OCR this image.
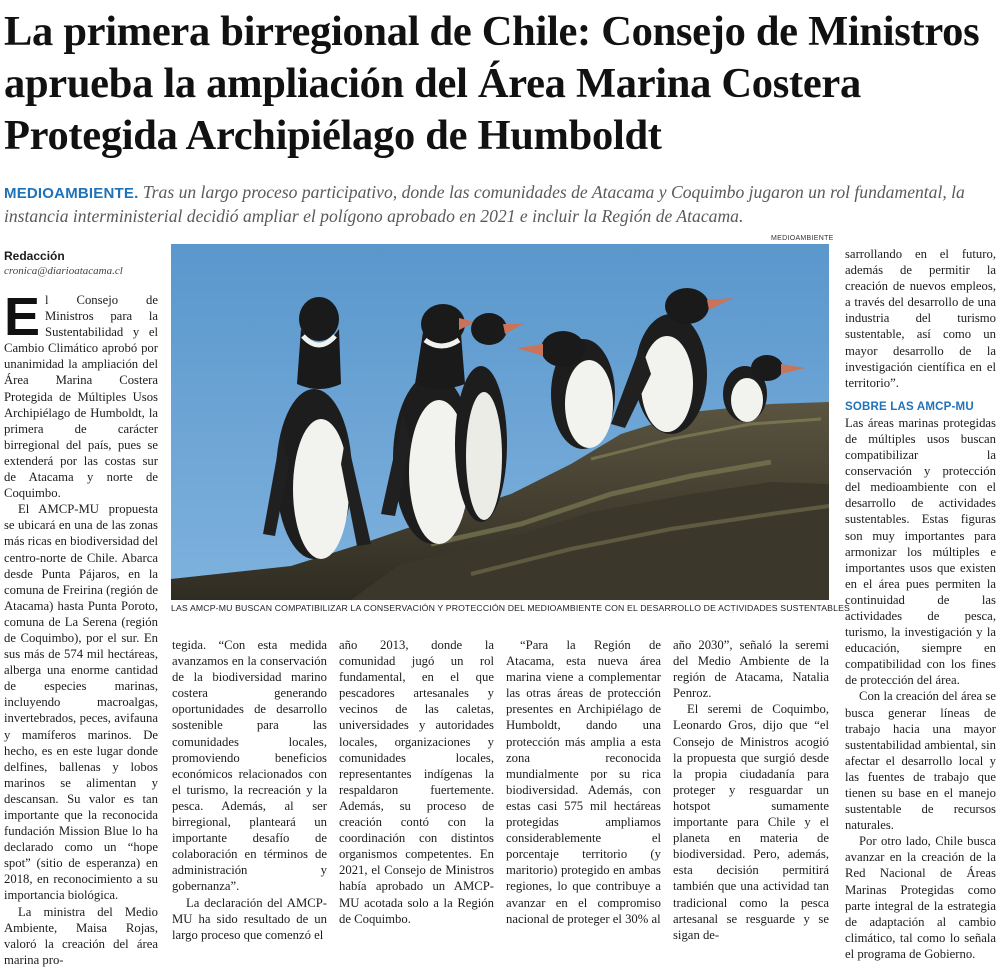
La primera birregional de Chile: Consejo de Ministros aprueba la ampliación del Área Marina Costera Protegida Archipiélago de Humboldt
MEDIOAMBIENTE. Tras un largo proceso participativo, donde las comunidades de Atacama y Coquimbo jugaron un rol fundamental, la instancia interministerial decidió ampliar el polígono aprobado en 2021 e incluir la Región de Atacama.
MEDIOAMBIENTE
LAS AMCP-MU BUSCAN COMPATIBILIZAR LA CONSERVACIÓN Y PROTECCIÓN DEL MEDIOAMBIENTE CON EL DESARROLLO DE ACTIVIDADES SUSTENTABLES
Redacción
cronica@diarioatacama.cl

El Consejo de Ministros para la Sustentabilidad y el Cambio Climático aprobó por unanimidad la ampliación del Área Marina Costera Protegida de Múltiples Usos Archipiélago de Humboldt, la primera de carácter birregional del país, pues se extenderá por las costas sur de Atacama y norte de Coquimbo.

El AMCP-MU propuesta se ubicará en una de las zonas más ricas en biodiversidad del centro-norte de Chile. Abarca desde Punta Pájaros, en la comuna de Freirina (región de Atacama) hasta Punta Poroto, comuna de La Serena (región de Coquimbo), por el sur. En sus más de 574 mil hectáreas, alberga una enorme cantidad de especies marinas, incluyendo macroalgas, invertebrados, peces, avifauna y mamíferos marinos. De hecho, es en este lugar donde delfines, ballenas y lobos marinos se alimentan y descansan. Su valor es tan importante que la reconocida fundación Mission Blue lo ha declarado como un “hope spot” (sitio de esperanza) en 2018, en reconocimiento a su importancia biológica.

La ministra del Medio Ambiente, Maisa Rojas, valoró la creación del área marina pro-

tegida. “Con esta medida avanzamos en la conservación de la biodiversidad marino costera generando oportunidades de desarrollo sostenible para las comunidades locales, promoviendo beneficios económicos relacionados con el turismo, la recreación y la pesca. Además, al ser birregional, planteará un importante desafío de colaboración en términos de administración y gobernanza”.

La declaración del AMCP-MU ha sido resultado de un largo proceso que comenzó el

año 2013, donde la comunidad jugó un rol fundamental, en el que pescadores artesanales y vecinos de las caletas, universidades y autoridades locales, organizaciones y comunidades locales, representantes indígenas la respaldaron fuertemente. Además, su proceso de creación contó con la coordinación con distintos organismos competentes. En 2021, el Consejo de Ministros había aprobado un AMCP-MU acotada solo a la Región de Coquimbo.

“Para la Región de Atacama, esta nueva área marina viene a complementar las otras áreas de protección presentes en Archipiélago de Humboldt, dando una protección más amplia a esta zona reconocida mundialmente por su rica biodiversidad. Además, con estas casi 575 mil hectáreas protegidas ampliamos considerablemente el porcentaje territorio (y maritorio) protegido en ambas regiones, lo que contribuye a avanzar en el compromiso nacional de proteger el 30% al

año 2030”, señaló la seremi del Medio Ambiente de la región de Atacama, Natalia Penroz.

El seremi de Coquimbo, Leonardo Gros, dijo que “el Consejo de Ministros acogió la propuesta que surgió desde la propia ciudadanía para proteger y resguardar un hotspot sumamente importante para Chile y el planeta en materia de biodiversidad. Pero, además, esta decisión permitirá también que una actividad tan tradicional como la pesca artesanal se resguarde y se sigan de-

sarrollando en el futuro, además de permitir la creación de nuevos empleos, a través del desarrollo de una industria del turismo sustentable, así como un mayor desarrollo de la investigación científica en el territorio”.

SOBRE LAS AMCP-MU

Las áreas marinas protegidas de múltiples usos buscan compatibilizar la conservación y protección del medioambiente con el desarrollo de actividades sustentables. Estas figuras son muy importantes para armonizar los múltiples e importantes usos que existen en el área pues permiten la continuidad de las actividades de pesca, turismo, la investigación y la educación, siempre en compatibilidad con los fines de protección del área.

Con la creación del área se busca generar líneas de trabajo hacia una mayor sustentabilidad ambiental, sin afectar el desarrollo local y las fuentes de trabajo que tienen su base en el manejo sustentable de recursos naturales.

Por otro lado, Chile busca avanzar en la creación de la Red Nacional de Áreas Marinas Protegidas como parte integral de la estrategia de adaptación al cambio climático, tal como lo señala el programa de Gobierno.
